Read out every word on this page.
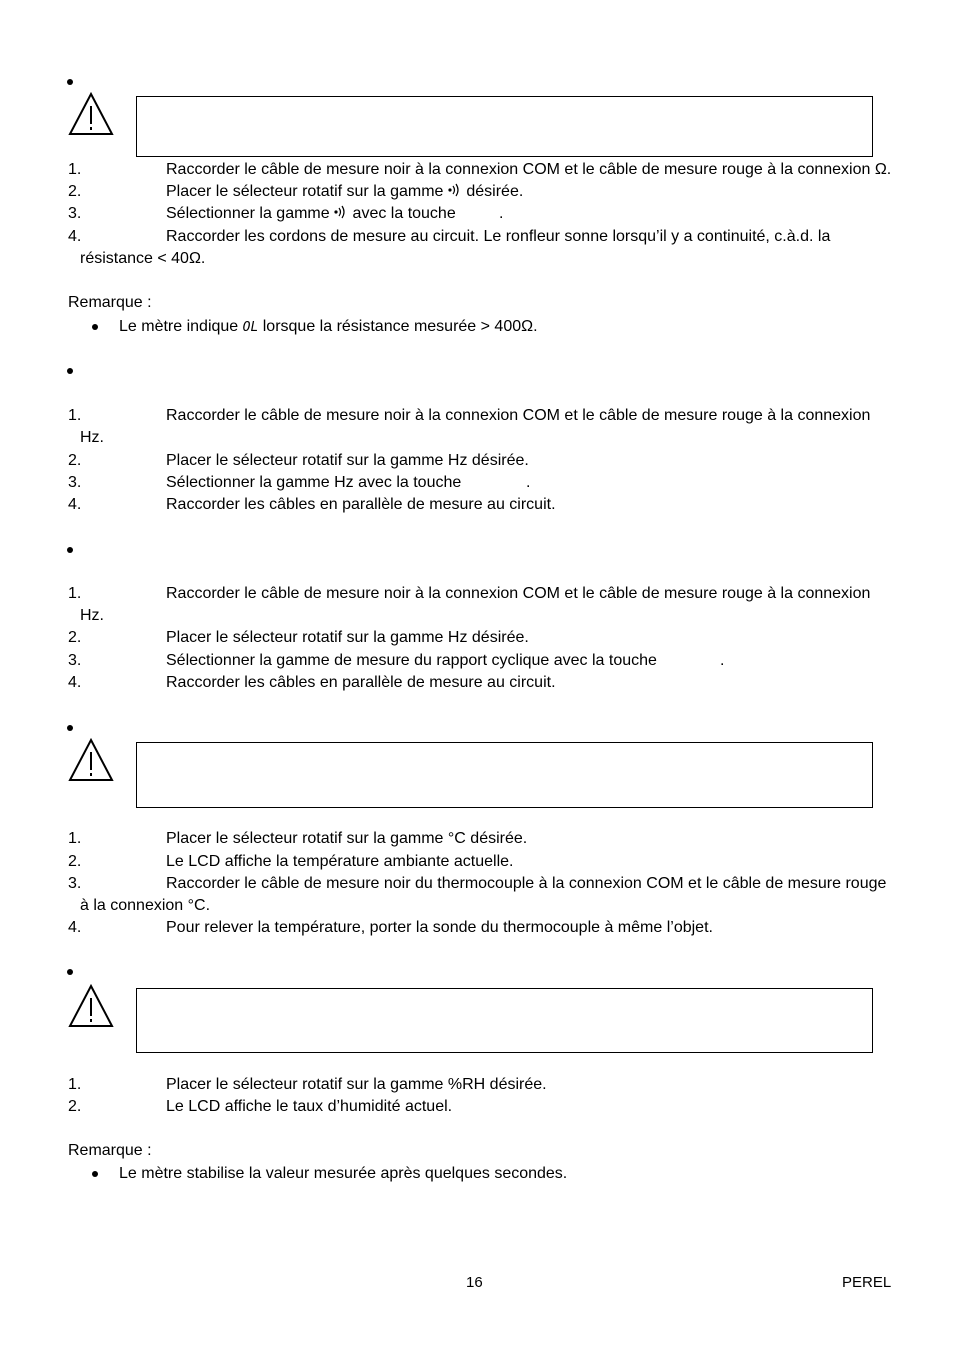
1.	Raccorder le câble de mesure noir à la connexion COM et le câble de mesure rouge à la connexion Ω.
2.	Placer le sélecteur rotatif sur la gamme désirée.
3.	Sélectionner la gamme avec la touche	.
4.	Raccorder les cordons de mesure au circuit. Le ronfleur sonne lorsqu’il y a continuité, c.à.d. la
résistance < 40Ω.
Remarque :
Le mètre indique OL lorsque la résistance mesurée > 400Ω.
1.	Raccorder le câble de mesure noir à la connexion COM et le câble de mesure rouge à la connexion
Hz.
2.	Placer le sélecteur rotatif sur la gamme Hz désirée.
3.	Sélectionner la gamme Hz avec la touche	.
4.	Raccorder les câbles en parallèle de mesure au circuit.
1.	Raccorder le câble de mesure noir à la connexion COM et le câble de mesure rouge à la connexion
Hz.
2.	Placer le sélecteur rotatif sur la gamme Hz désirée.
3.	Sélectionner la gamme de mesure du rapport cyclique avec la touche	.
4.	Raccorder les câbles en parallèle de mesure au circuit.
1.	Placer le sélecteur rotatif sur la gamme °C désirée.
2.	Le LCD affiche la température ambiante actuelle.
3.	Raccorder le câble de mesure noir du thermocouple à la connexion COM et le câble de mesure rouge
à la connexion °C.
4.	Pour relever la température, porter la sonde du thermocouple à même l’objet.
1.	Placer le sélecteur rotatif sur la gamme %RH désirée.
2.	Le LCD affiche le taux d’humidité actuel.
Remarque :
Le mètre stabilise la valeur mesurée après quelques secondes.
16	PEREL
